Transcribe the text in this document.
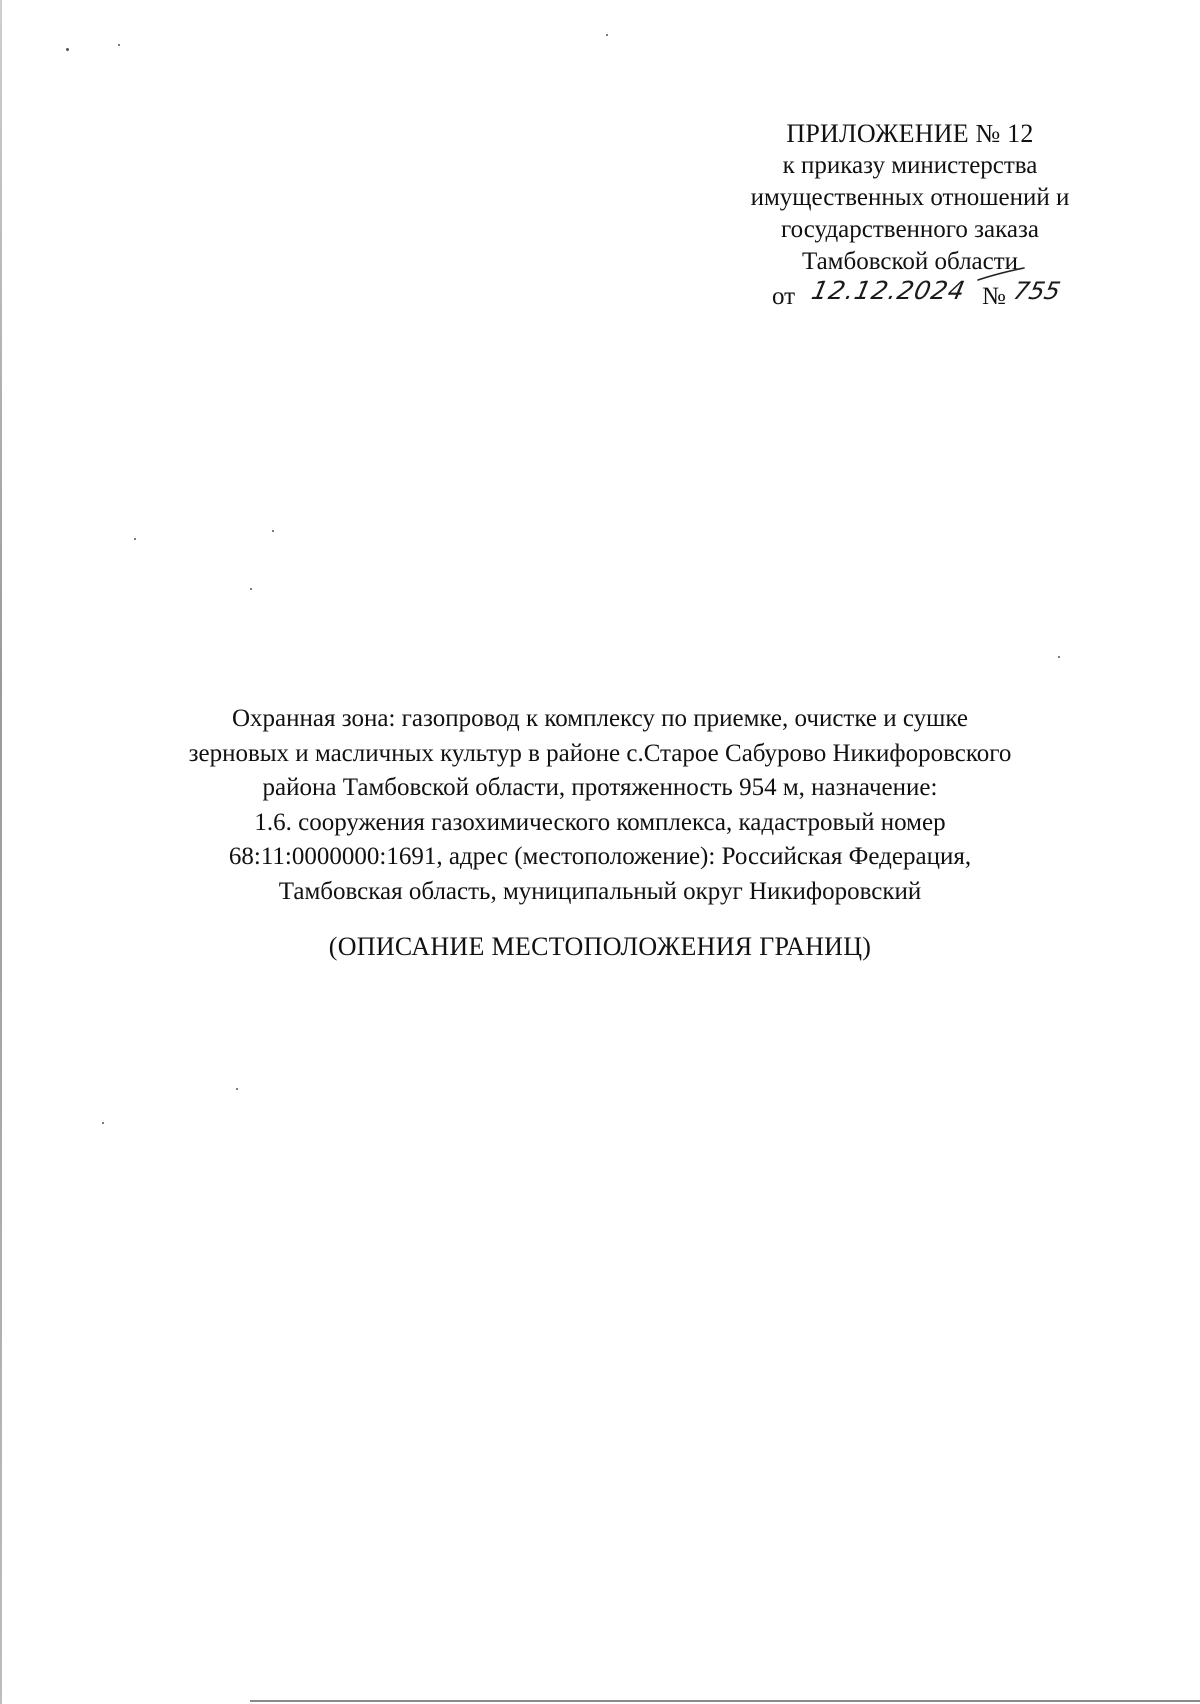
ПРИЛОЖЕНИЕ № 12
к приказу министерства
имущественных отношений и
государственного заказа
Тамбовской области
от 12.12.2024 № 755

Охранная зона: газопровод к комплексу по приемке, очистке и сушке

зерновых и масличных культур в районе с.Старое Сабурово Никифоровского

района Тамбовской области, протяженность 954 м, назначение:

1.6. сооружения газохимического комплекса, кадастровый номер

68:11:0000000:1691, адрес (местоположение): Российская Федерация,

Тамбовская область, муниципальный округ Никифоровский

(ОПИСАНИЕ МЕСТОПОЛОЖЕНИЯ ГРАНИЦ)
